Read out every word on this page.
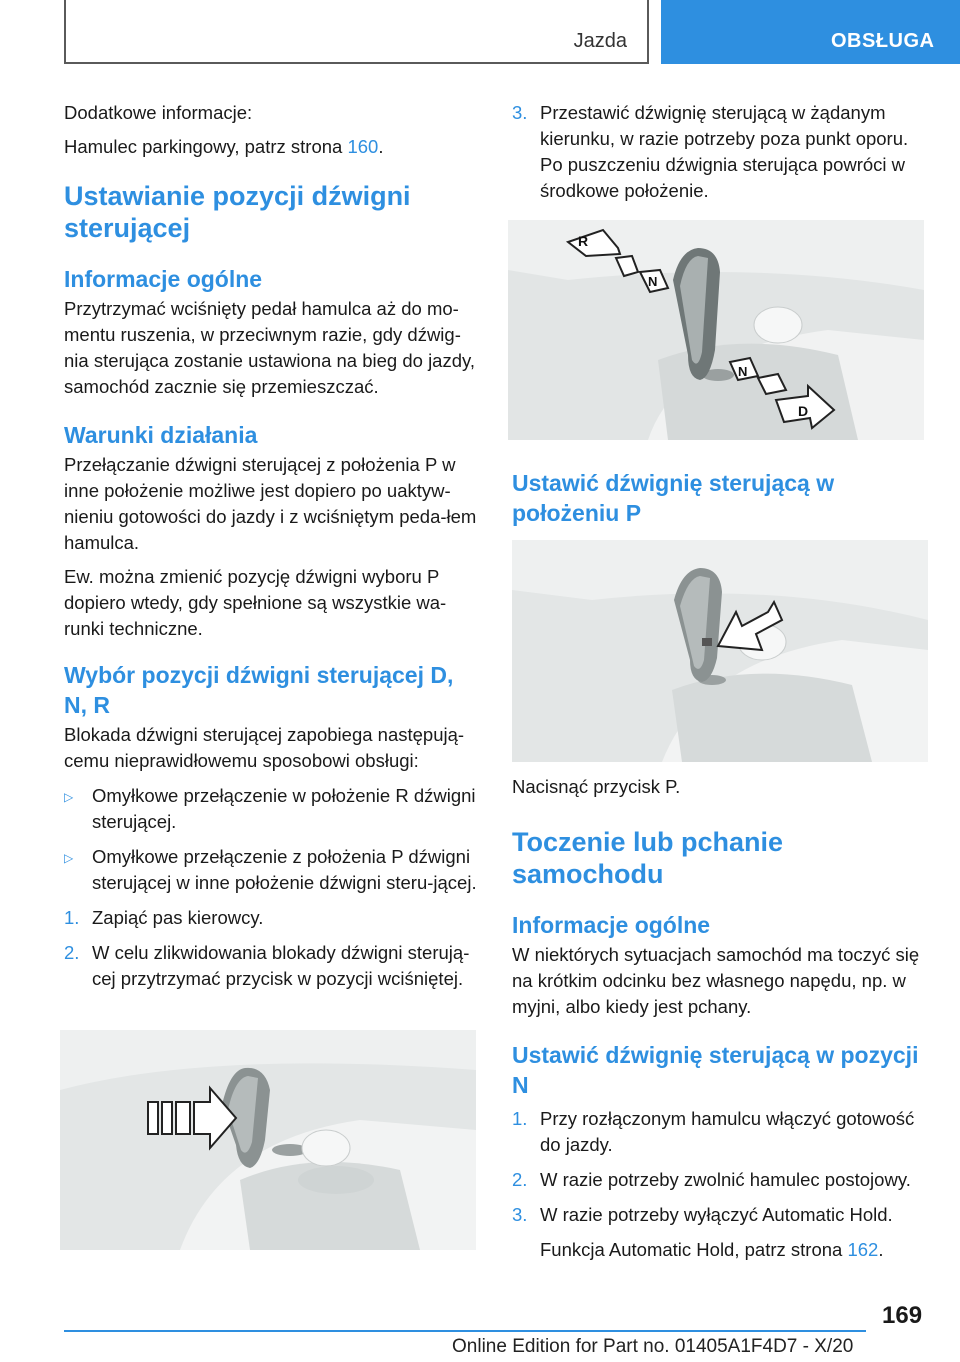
Jazda	OBSŁUGA

Dodatkowe informacje:

Hamulec parkingowy, patrz strona 160.

Ustawianie pozycji dźwigni sterującej
Informacje ogólne

Przytrzymać wciśnięty pedał hamulca aż do mo-mentu ruszenia, w przeciwnym razie, gdy dźwig-nia sterująca zostanie ustawiona na bieg do jazdy, samochód zacznie się przemieszczać.

Warunki działania

Przełączanie dźwigni sterującej z położenia P w inne położenie możliwe jest dopiero po uaktyw-nieniu gotowości do jazdy i z wciśniętym peda-łem hamulca.

Ew. można zmienić pozycję dźwigni wyboru P dopiero wtedy, gdy spełnione są wszystkie wa-runki techniczne.

Wybór pozycji dźwigni sterującej D, N, R

Blokada dźwigni sterującej zapobiega następują-cemu nieprawidłowemu sposobowi obsługi:

▷ Omyłkowe przełączenie w położenie R dźwigni sterującej.
▷ Omyłkowe przełączenie z położenia P dźwigni sterującej w inne położenie dźwigni steru-jącej.
1. Zapiąć pas kierowcy.
2. W celu zlikwidowania blokady dźwigni sterują-cej przytrzymać przycisk w pozycji wciśniętej.
3. Przestawić dźwignię sterującą w żądanym kierunku, w razie potrzeby poza punkt oporu. Po puszczeniu dźwignia sterująca powróci w środkowe położenie.
R
N
N
D
Ustawić dźwignię sterującą w położeniu P

Nacisnąć przycisk P.

Toczenie lub pchanie samochodu
Informacje ogólne

W niektórych sytuacjach samochód ma toczyć się na krótkim odcinku bez własnego napędu, np. w myjni, albo kiedy jest pchany.

Ustawić dźwignię sterującą w pozycji N
1. Przy rozłączonym hamulcu włączyć gotowość do jazdy.
2. W razie potrzeby zwolnić hamulec postojowy.
3. W razie potrzeby wyłączyć Automatic Hold.

Funkcja Automatic Hold, patrz strona 162.

169
Online Edition for Part no. 01405A1F4D7 - X/20
